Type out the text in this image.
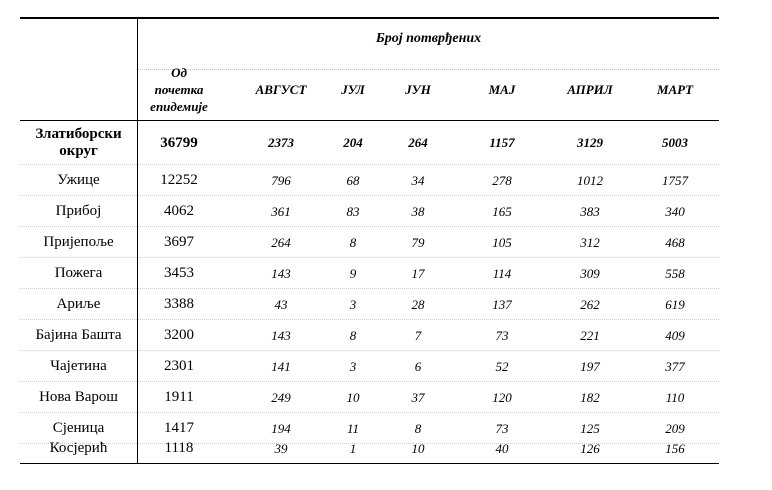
Број потврђених
Од
почетка
епидемије
АВГУСТ	ЈУЛ	ЈУН	МАЈ	АПРИЛ	МАРТ
Златиборски
округ	36799	2373	204	264	1157	3129	5003
Ужице	12252	796	68	34	278	1012	1757
Прибој	4062	361	83	38	165	383	340
Пријепоље	3697	264	8	79	105	312	468
Пожега	3453	143	9	17	114	309	558
Ариље	3388	43	3	28	137	262	619
Бајина Башта	3200	143	8	7	73	221	409
Чајетина	2301	141	3	6	52	197	377
Нова Варош	1911	249	10	37	120	182	110
Сјеница	1417	194	11	8	73	125	209
Косјерић	1118	39	1	10	40	126	156
